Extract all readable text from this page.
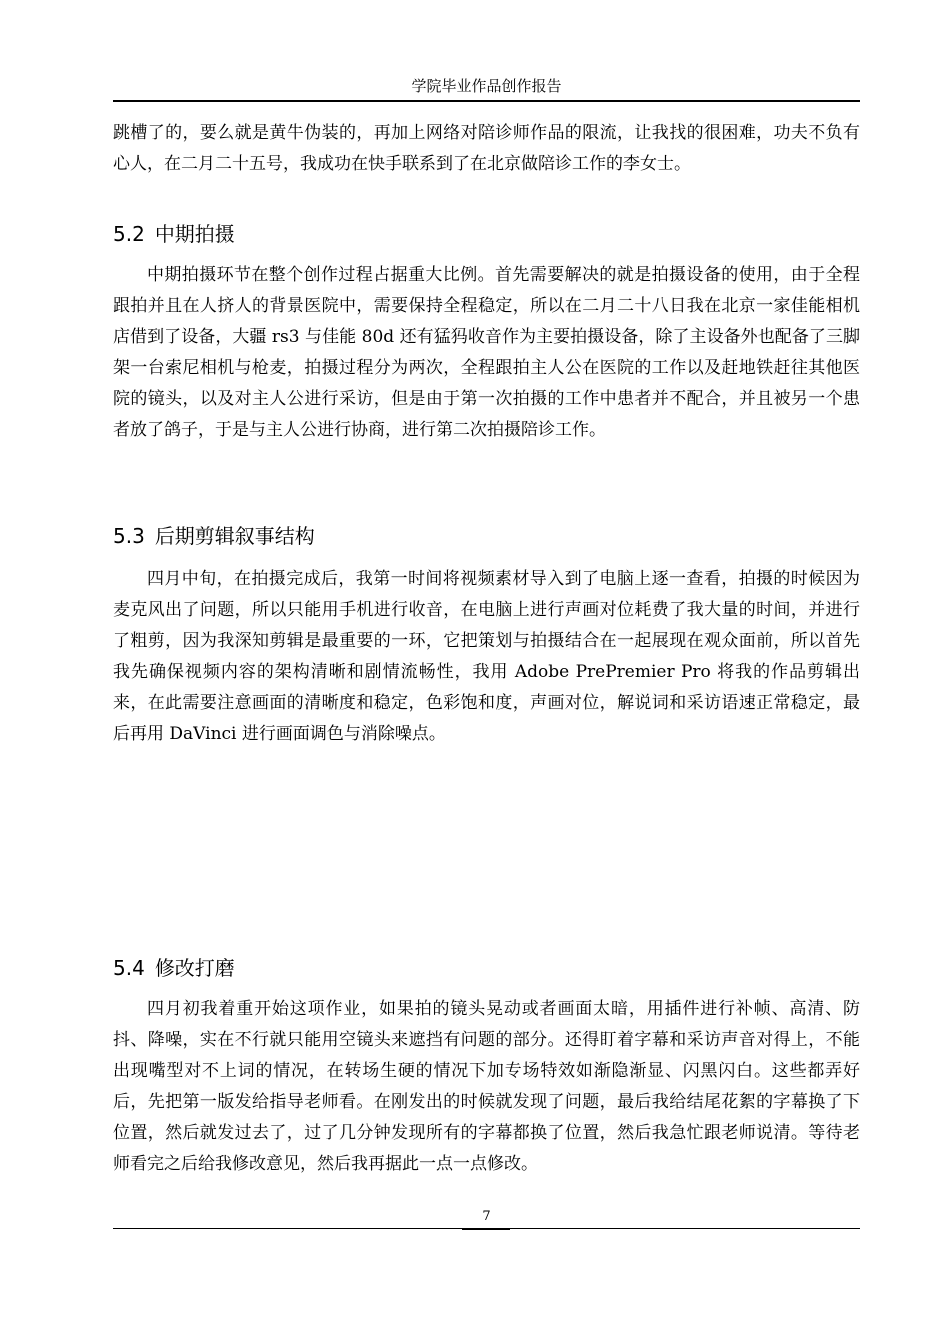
学院毕业作品创作报告

跳槽了的，要么就是黄牛伪装的，再加上网络对陪诊师作品的限流，让我找的很困难，功夫不负有心人，在二月二十五号，我成功在快手联系到了在北京做陪诊工作的李女士。

5.2 中期拍摄

中期拍摄环节在整个创作过程占据重大比例。首先需要解决的就是拍摄设备的使用，由于全程跟拍并且在人挤人的背景医院中，需要保持全程稳定，所以在二月二十八日我在北京一家佳能相机店借到了设备，大疆 rs3 与佳能 80d 还有猛犸收音作为主要拍摄设备，除了主设备外也配备了三脚架一台索尼相机与枪麦，拍摄过程分为两次，全程跟拍主人公在医院的工作以及赶地铁赶往其他医院的镜头，以及对主人公进行采访，但是由于第一次拍摄的工作中患者并不配合，并且被另一个患者放了鸽子，于是与主人公进行协商，进行第二次拍摄陪诊工作。

5.3 后期剪辑叙事结构

四月中旬，在拍摄完成后，我第一时间将视频素材导入到了电脑上逐一查看，拍摄的时候因为麦克风出了问题，所以只能用手机进行收音，在电脑上进行声画对位耗费了我大量的时间，并进行了粗剪，因为我深知剪辑是最重要的一环，它把策划与拍摄结合在一起展现在观众面前，所以首先我先确保视频内容的架构清晰和剧情流畅性，我用 Adobe PrePremier Pro 将我的作品剪辑出来，在此需要注意画面的清晰度和稳定，色彩饱和度，声画对位，解说词和采访语速正常稳定，最后再用 DaVinci 进行画面调色与消除噪点。

5.4 修改打磨

四月初我着重开始这项作业，如果拍的镜头晃动或者画面太暗，用插件进行补帧、高清、防抖、降噪，实在不行就只能用空镜头来遮挡有问题的部分。还得盯着字幕和采访声音对得上，不能出现嘴型对不上词的情况，在转场生硬的情况下加专场特效如渐隐渐显、闪黑闪白。这些都弄好后，先把第一版发给指导老师看。在刚发出的时候就发现了问题，最后我给结尾花絮的字幕换了下位置，然后就发过去了，过了几分钟发现所有的字幕都换了位置，然后我急忙跟老师说清。等待老师看完之后给我修改意见，然后我再据此一点一点修改。

7
